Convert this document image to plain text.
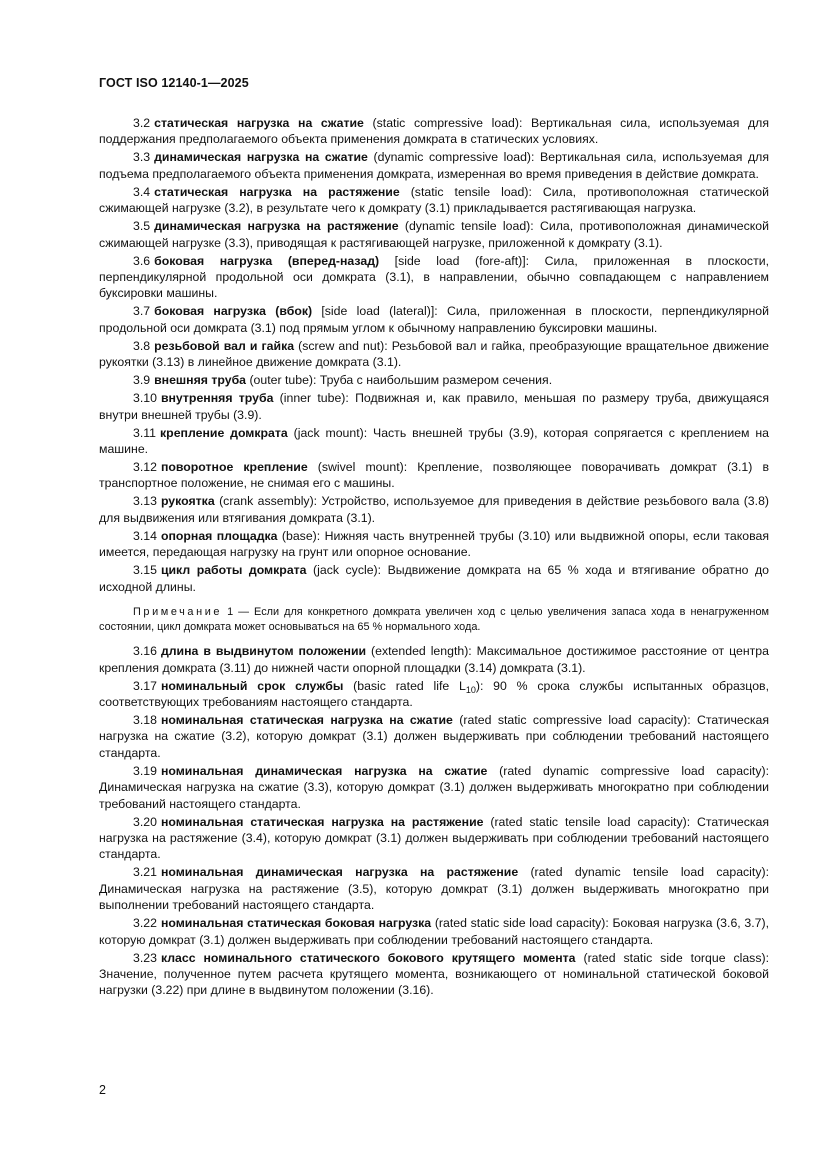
ГОСТ ISO 12140-1—2025

3.2 статическая нагрузка на сжатие (static compressive load): Вертикальная сила, используемая для поддержания предполагаемого объекта применения домкрата в статических условиях.

3.3 динамическая нагрузка на сжатие (dynamic compressive load): Вертикальная сила, используемая для подъема предполагаемого объекта применения домкрата, измеренная во время приведения в действие домкрата.

3.4 статическая нагрузка на растяжение (static tensile load): Сила, противоположная статической сжимающей нагрузке (3.2), в результате чего к домкрату (3.1) прикладывается растягивающая нагрузка.

3.5 динамическая нагрузка на растяжение (dynamic tensile load): Сила, противоположная динамической сжимающей нагрузке (3.3), приводящая к растягивающей нагрузке, приложенной к домкрату (3.1).

3.6 боковая нагрузка (вперед-назад) [side load (fore-aft)]: Сила, приложенная в плоскости, перпендикулярной продольной оси домкрата (3.1), в направлении, обычно совпадающем с направлением буксировки машины.

3.7 боковая нагрузка (вбок) [side load (lateral)]: Сила, приложенная в плоскости, перпендикулярной продольной оси домкрата (3.1) под прямым углом к обычному направлению буксировки машины.

3.8 резьбовой вал и гайка (screw and nut): Резьбовой вал и гайка, преобразующие вращательное движение рукоятки (3.13) в линейное движение домкрата (3.1).

3.9 внешняя труба (outer tube): Труба с наибольшим размером сечения.

3.10 внутренняя труба (inner tube): Подвижная и, как правило, меньшая по размеру труба, движущаяся внутри внешней трубы (3.9).

3.11 крепление домкрата (jack mount): Часть внешней трубы (3.9), которая сопрягается с креплением на машине.

3.12 поворотное крепление (swivel mount): Крепление, позволяющее поворачивать домкрат (3.1) в транспортное положение, не снимая его с машины.

3.13 рукоятка (crank assembly): Устройство, используемое для приведения в действие резьбового вала (3.8) для выдвижения или втягивания домкрата (3.1).

3.14 опорная площадка (base): Нижняя часть внутренней трубы (3.10) или выдвижной опоры, если таковая имеется, передающая нагрузку на грунт или опорное основание.

3.15 цикл работы домкрата (jack cycle): Выдвижение домкрата на 65 % хода и втягивание обратно до исходной длины.

Примечание 1 — Если для конкретного домкрата увеличен ход с целью увеличения запаса хода в ненагруженном состоянии, цикл домкрата может основываться на 65 % нормального хода.

3.16 длина в выдвинутом положении (extended length): Максимальное достижимое расстояние от центра крепления домкрата (3.11) до нижней части опорной площадки (3.14) домкрата (3.1).

3.17 номинальный срок службы (basic rated life $L_{10}$): 90 % срока службы испытанных образцов, соответствующих требованиям настоящего стандарта.

3.18 номинальная статическая нагрузка на сжатие (rated static compressive load capacity): Статическая нагрузка на сжатие (3.2), которую домкрат (3.1) должен выдерживать при соблюдении требований настоящего стандарта.

3.19 номинальная динамическая нагрузка на сжатие (rated dynamic compressive load capacity): Динамическая нагрузка на сжатие (3.3), которую домкрат (3.1) должен выдерживать многократно при соблюдении требований настоящего стандарта.

3.20 номинальная статическая нагрузка на растяжение (rated static tensile load capacity): Статическая нагрузка на растяжение (3.4), которую домкрат (3.1) должен выдерживать при соблюдении требований настоящего стандарта.

3.21 номинальная динамическая нагрузка на растяжение (rated dynamic tensile load capacity): Динамическая нагрузка на растяжение (3.5), которую домкрат (3.1) должен выдерживать многократно при выполнении требований настоящего стандарта.

3.22 номинальная статическая боковая нагрузка (rated static side load capacity): Боковая нагрузка (3.6, 3.7), которую домкрат (3.1) должен выдерживать при соблюдении требований настоящего стандарта.

3.23 класс номинального статического бокового крутящего момента (rated static side torque class): Значение, полученное путем расчета крутящего момента, возникающего от номинальной статической боковой нагрузки (3.22) при длине в выдвинутом положении (3.16).

2
